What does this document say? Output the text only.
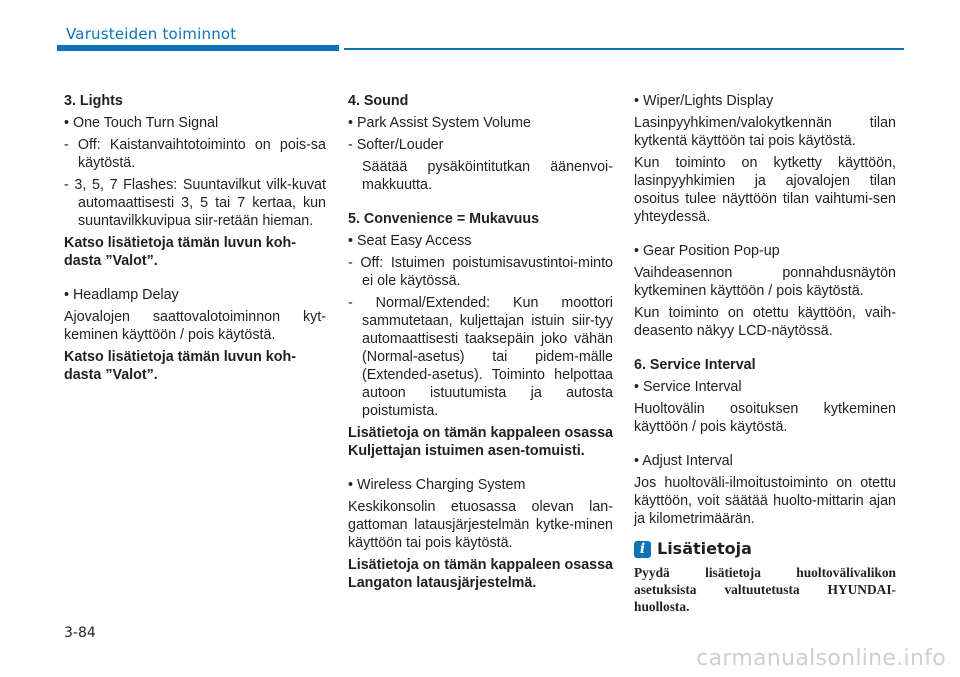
Varusteiden toiminnot

3. Lights

• One Touch Turn Signal

- Off: Kaistanvaihtotoiminto on pois-sa käytöstä.

- 3, 5, 7 Flashes: Suuntavilkut vilk-kuvat automaattisesti 3, 5 tai 7 kertaa, kun suuntavilkkuvipua siir-retään hieman.

Katso lisätietoja tämän luvun koh-dasta ”Valot”.

• Headlamp Delay

Ajovalojen saattovalotoiminnon kyt-keminen käyttöön / pois käytöstä.

Katso lisätietoja tämän luvun koh-dasta ”Valot”.

4. Sound

• Park Assist System Volume

- Softer/Louder

Säätää pysäköintitutkan äänenvoi-makkuutta.

5. Convenience = Mukavuus

• Seat Easy Access

- Off: Istuimen poistumisavustintoi-minto ei ole käytössä.

- Normal/Extended: Kun moottori sammutetaan, kuljettajan istuin siir-tyy automaattisesti taaksepäin joko vähän (Normal-asetus) tai pidem-mälle (Extended-asetus). Toiminto helpottaa autoon istuutumista ja autosta poistumista.

Lisätietoja on tämän kappaleen osassa Kuljettajan istuimen asen-tomuisti.

• Wireless Charging System

Keskikonsolin etuosassa olevan lan-gattoman latausjärjestelmän kytke-minen käyttöön tai pois käytöstä.

Lisätietoja on tämän kappaleen osassa Langaton latausjärjestelmä.

• Wiper/Lights Display

Lasinpyyhkimen/valokytkennän tilan kytkentä käyttöön tai pois käytöstä.

Kun toiminto on kytketty käyttöön, lasinpyyhkimien ja ajovalojen tilan osoitus tulee näyttöön tilan vaihtumi-sen yhteydessä.

• Gear Position Pop-up

Vaihdeasennon ponnahdusnäytön kytkeminen käyttöön / pois käytöstä.

Kun toiminto on otettu käyttöön, vaih-deasento näkyy LCD-näytössä.

6. Service Interval

• Service Interval

Huoltovälin osoituksen kytkeminen käyttöön / pois käytöstä.

• Adjust Interval

Jos huoltoväli-ilmoitustoiminto on otettu käyttöön, voit säätää huolto-mittarin ajan ja kilometrimäärän.

i Lisätietoja
Pyydä lisätietoja huoltovälivalikon asetuksista valtuutetusta HYUNDAI-huollosta.
3-84
carmanualsonline.info
